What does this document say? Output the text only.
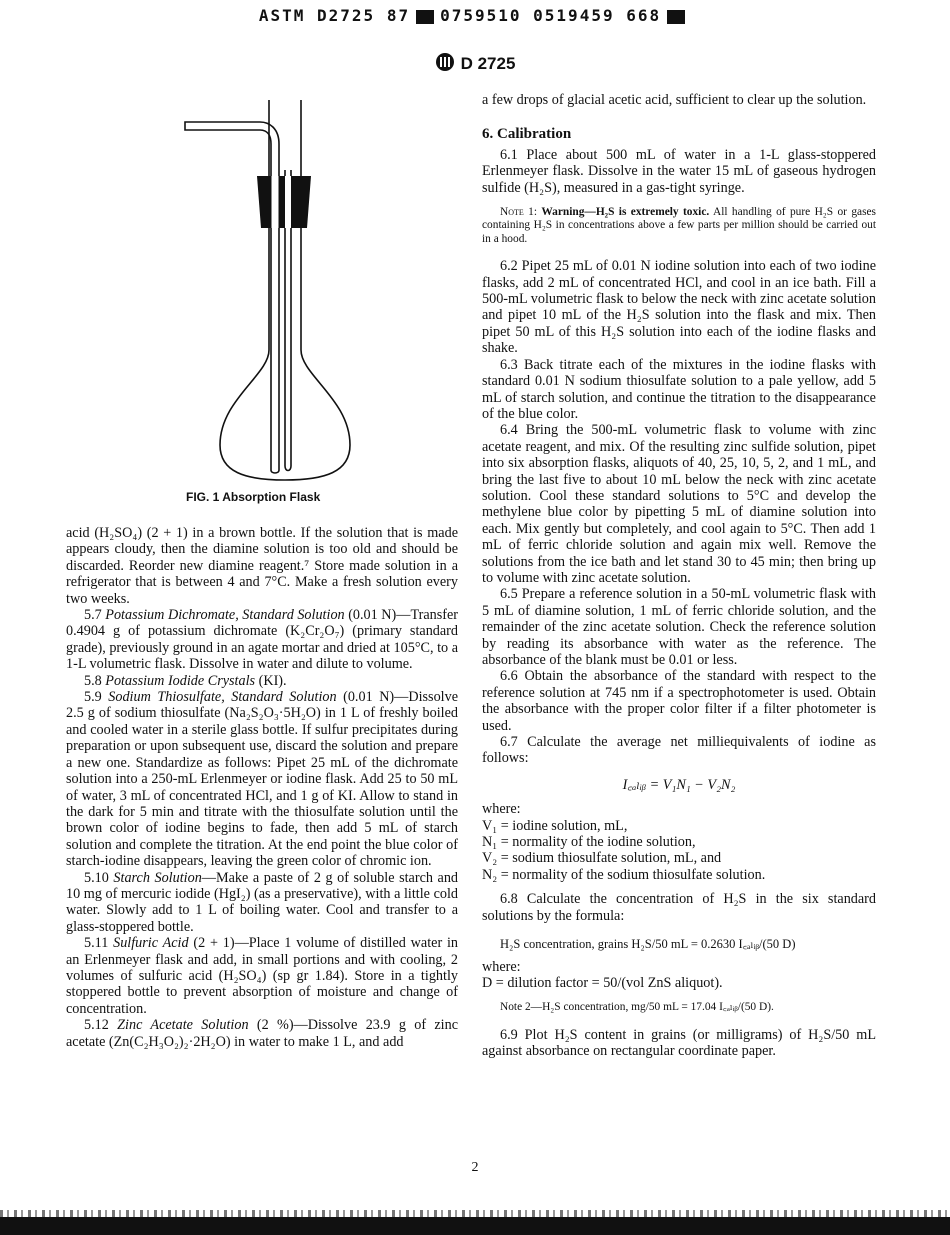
ASTM D2725 87 0759510 0519459 668
D 2725
FIG. 1 Absorption Flask

acid (H₂SO₄) (2 + 1) in a brown bottle. If the solution that is made appears cloudy, then the diamine solution is too old and should be discarded. Reorder new diamine reagent.⁷ Store made solution in a refrigerator that is between 4 and 7°C. Make a fresh solution every two weeks.

5.7 Potassium Dichromate, Standard Solution (0.01 N)—Transfer 0.4904 g of potassium dichromate (K₂Cr₂O₇) (primary standard grade), previously ground in an agate mortar and dried at 105°C, to a 1-L volumetric flask. Dissolve in water and dilute to volume.

5.8 Potassium Iodide Crystals (KI).

5.9 Sodium Thiosulfate, Standard Solution (0.01 N)—Dissolve 2.5 g of sodium thiosulfate (Na₂S₂O₃·5H₂O) in 1 L of freshly boiled and cooled water in a sterile glass bottle. If sulfur precipitates during preparation or upon subsequent use, discard the solution and prepare a new one. Standardize as follows: Pipet 25 mL of the dichromate solution into a 250-mL Erlenmeyer or iodine flask. Add 25 to 50 mL of water, 3 mL of concentrated HCl, and 1 g of KI. Allow to stand in the dark for 5 min and titrate with the thiosulfate solution until the brown color of iodine begins to fade, then add 5 mL of starch solution and complete the titration. At the end point the blue color of starch-iodine disappears, leaving the green color of chromic ion.

5.10 Starch Solution—Make a paste of 2 g of soluble starch and 10 mg of mercuric iodide (HgI₂) (as a preservative), with a little cold water. Slowly add to 1 L of boiling water. Cool and transfer to a glass-stoppered bottle.

5.11 Sulfuric Acid (2 + 1)—Place 1 volume of distilled water in an Erlenmeyer flask and add, in small portions and with cooling, 2 volumes of sulfuric acid (H₂SO₄) (sp gr 1.84). Store in a tightly stoppered bottle to prevent absorption of moisture and change of concentration.

5.12 Zinc Acetate Solution (2 %)—Dissolve 23.9 g of zinc acetate (Zn(C₂H₃O₂)₂·2H₂O) in water to make 1 L, and add

a few drops of glacial acetic acid, sufficient to clear up the solution.

6. Calibration

6.1 Place about 500 mL of water in a 1-L glass-stoppered Erlenmeyer flask. Dissolve in the water 15 mL of gaseous hydrogen sulfide (H₂S), measured in a gas-tight syringe.

Note 1: Warning—H₂S is extremely toxic. All handling of pure H₂S or gases containing H₂S in concentrations above a few parts per million should be carried out in a hood.

6.2 Pipet 25 mL of 0.01 N iodine solution into each of two iodine flasks, add 2 mL of concentrated HCl, and cool in an ice bath. Fill a 500-mL volumetric flask to below the neck with zinc acetate solution and pipet 10 mL of the H₂S solution into the flask and mix. Then pipet 50 mL of this H₂S solution into each of the iodine flasks and shake.

6.3 Back titrate each of the mixtures in the iodine flasks with standard 0.01 N sodium thiosulfate solution to a pale yellow, add 5 mL of starch solution, and continue the titration to the disappearance of the blue color.

6.4 Bring the 500-mL volumetric flask to volume with zinc acetate reagent, and mix. Of the resulting zinc sulfide solution, pipet into six absorption flasks, aliquots of 40, 25, 10, 5, 2, and 1 mL, and bring the last five to about 10 mL below the neck with zinc acetate solution. Cool these standard solutions to 5°C and develop the methylene blue color by pipetting 5 mL of diamine solution into each. Mix gently but completely, and cool again to 5°C. Then add 1 mL of ferric chloride solution and again mix well. Remove the solutions from the ice bath and let stand 30 to 45 min; then bring up to volume with zinc acetate solution.

6.5 Prepare a reference solution in a 50-mL volumetric flask with 5 mL of diamine solution, 1 mL of ferric chloride solution, and the remainder of the zinc acetate solution. Check the reference solution by reading its absorbance with water as the reference. The absorbance of the blank must be 0.01 or less.

6.6 Obtain the absorbance of the standard with respect to the reference solution at 745 nm if a spectrophotometer is used. Obtain the absorbance with the proper color filter if a filter photometer is used.

6.7 Calculate the average net milliequivalents of iodine as follows:

I꜀ₐₗᵢᵦ = V₁N₁ − V₂N₂

where:

V₁ = iodine solution, mL,
N₁ = normality of the iodine solution,
V₂ = sodium thiosulfate solution, mL, and
N₂ = normality of the sodium thiosulfate solution.

6.8 Calculate the concentration of H₂S in the six standard solutions by the formula:

H₂S concentration, grains H₂S/50 mL = 0.2630 I꜀ₐₗᵢᵦ/(50 D)

where:

D = dilution factor = 50/(vol ZnS aliquot).

Note 2—H₂S concentration, mg/50 mL = 17.04 I꜀ₐₗᵢᵦ/(50 D).

6.9 Plot H₂S content in grains (or milligrams) of H₂S/50 mL against absorbance on rectangular coordinate paper.

2
